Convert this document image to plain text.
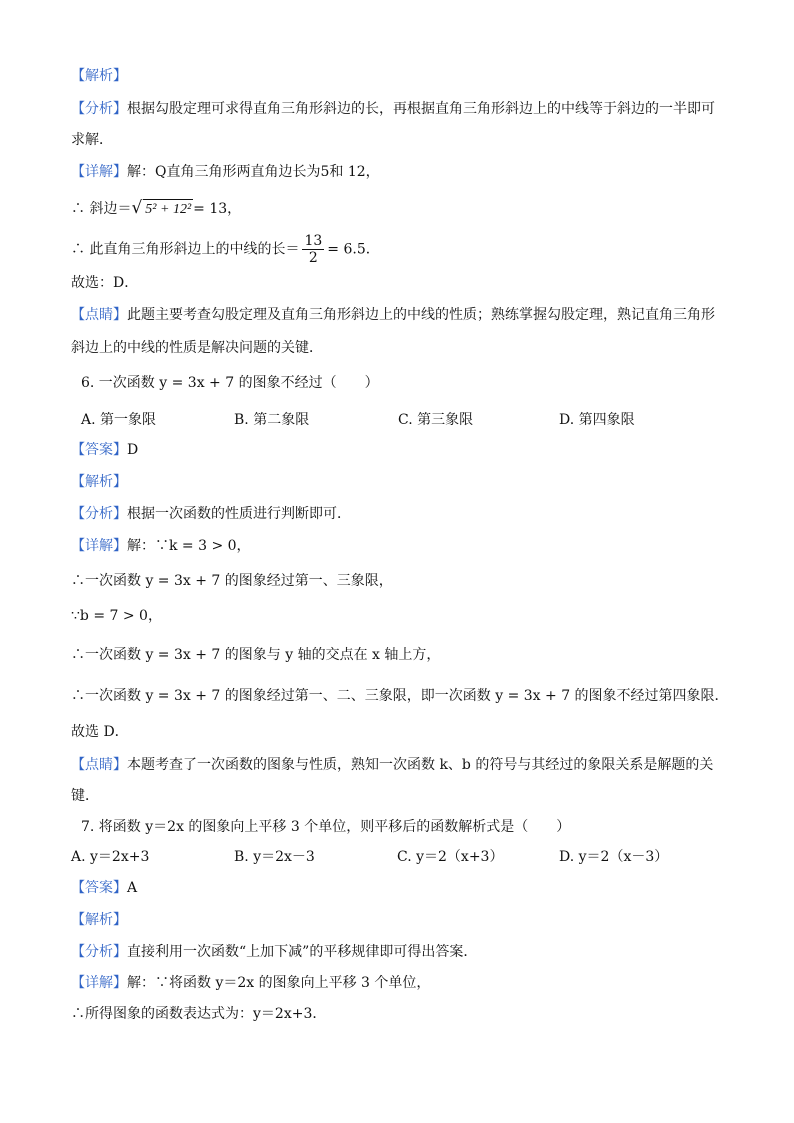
【解析】
【分析】根据勾股定理可求得直角三角形斜边的长，再根据直角三角形斜边上的中线等于斜边的一半即可
求解．
【详解】解：Q直角三角形两直角边长为5和 12，
∴ 斜边＝√ 5² + 12²= 13，
∴ 此直角三角形斜边上的中线的长＝ $\frac{13}{2} = 6.5$．
故选：D．
【点睛】此题主要考查勾股定理及直角三角形斜边上的中线的性质；熟练掌握勾股定理，熟记直角三角形
斜边上的中线的性质是解决问题的关键．
6. 一次函数 y = 3x + 7 的图象不经过（　　）
A. 第一象限	B. 第二象限	C. 第三象限	D. 第四象限
【答案】D
【解析】
【分析】根据一次函数的性质进行判断即可．
【详解】解：∵k = 3 > 0，
∴一次函数 y = 3x + 7 的图象经过第一、三象限，
∵b = 7 > 0，
∴一次函数 y = 3x + 7 的图象与 y 轴的交点在 x 轴上方，
∴一次函数 y = 3x + 7 的图象经过第一、二、三象限，即一次函数 y = 3x + 7 的图象不经过第四象限．
故选 D．
【点睛】本题考查了一次函数的图象与性质，熟知一次函数 k、b 的符号与其经过的象限关系是解题的关
键．
7. 将函数 y＝2x 的图象向上平移 3 个单位，则平移后的函数解析式是（　　）
A. y＝2x+3	B. y＝2x－3	C. y＝2（x+3）	D. y＝2（x－3）
【答案】A
【解析】
【分析】直接利用一次函数“上加下减”的平移规律即可得出答案．
【详解】解：∵将函数 y＝2x 的图象向上平移 3 个单位，
∴所得图象的函数表达式为：y＝2x+3．
